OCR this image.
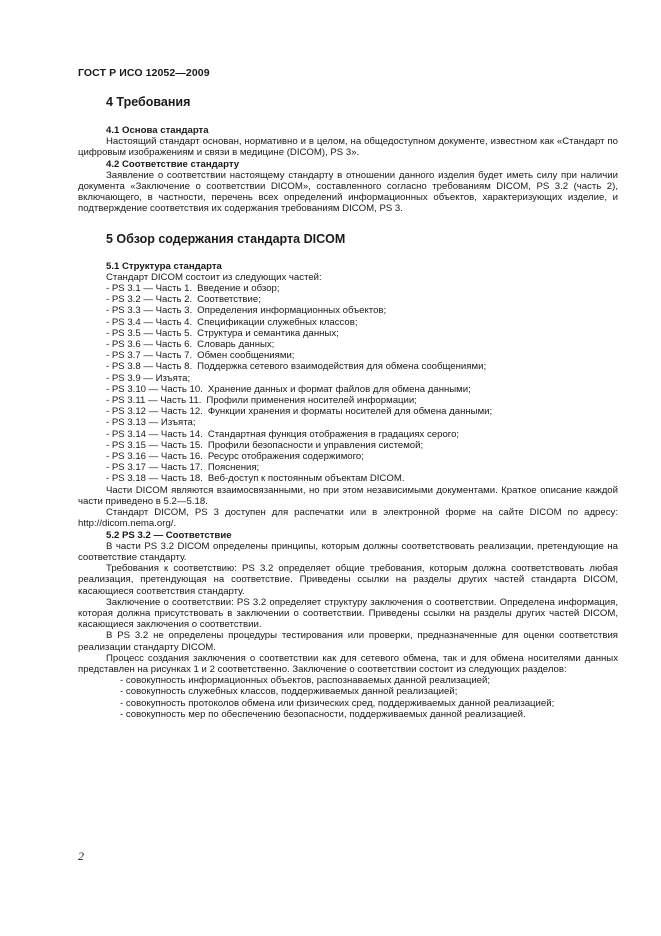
ГОСТ Р ИСО 12052—2009

4 Требования

4.1 Основа стандарта

Настоящий стандарт основан, нормативно и в целом, на общедоступном документе, известном как «Стандарт по цифровым изображениям и связи в медицине (DICOM), PS 3».

4.2 Соответствие стандарту

Заявление о соответствии настоящему стандарту в отношении данного изделия будет иметь силу при наличии документа «Заключение о соответствии DICOM», составленного согласно требованиям DICOM, PS 3.2 (часть 2), включающего, в частности, перечень всех определений информационных объектов, характеризующих изделие, и подтверждение соответствия их содержания требованиям DICOM, PS 3.

5 Обзор содержания стандарта DICOM

5.1 Структура стандарта

Стандарт DICOM состоит из следующих частей:

- PS 3.1 — Часть 1. Введение и обзор;
- PS 3.2 — Часть 2. Соответствие;
- PS 3.3 — Часть 3. Определения информационных объектов;
- PS 3.4 — Часть 4. Спецификации служебных классов;
- PS 3.5 — Часть 5. Структура и семантика данных;
- PS 3.6 — Часть 6. Словарь данных;
- PS 3.7 — Часть 7. Обмен сообщениями;
- PS 3.8 — Часть 8. Поддержка сетевого взаимодействия для обмена сообщениями;
- PS 3.9 — Изъята;
- PS 3.10 — Часть 10. Хранение данных и формат файлов для обмена данными;
- PS 3.11 — Часть 11. Профили применения носителей информации;
- PS 3.12 — Часть 12. Функции хранения и форматы носителей для обмена данными;
- PS 3.13 — Изъята;
- PS 3.14 — Часть 14. Стандартная функция отображения в градациях серого;
- PS 3.15 — Часть 15. Профили безопасности и управления системой;
- PS 3.16 — Часть 16. Ресурс отображения содержимого;
- PS 3.17 — Часть 17. Пояснения;
- PS 3.18 — Часть 18. Веб-доступ к постоянным объектам DICOM.

Части DICOM являются взаимосвязанными, но при этом независимыми документами. Краткое описание каждой части приведено в 5.2—5.18.

Стандарт DICOM, PS 3 доступен для распечатки или в электронной форме на сайте DICOM по адресу: http://dicom.nema.org/.

5.2 PS 3.2 — Соответствие

В части PS 3.2 DICOM определены принципы, которым должны соответствовать реализации, претендующие на соответствие стандарту.

Требования к соответствию: PS 3.2 определяет общие требования, которым должна соответствовать любая реализация, претендующая на соответствие. Приведены ссылки на разделы других частей стандарта DICOM, касающиеся соответствия стандарту.

Заключение о соответствии: PS 3.2 определяет структуру заключения о соответствии. Определена информация, которая должна присутствовать в заключении о соответствии. Приведены ссылки на разделы других частей DICOM, касающиеся заключения о соответствии.

В PS 3.2 не определены процедуры тестирования или проверки, предназначенные для оценки соответствия реализации стандарту DICOM.

Процесс создания заключения о соответствии как для сетевого обмена, так и для обмена носителями данных представлен на рисунках 1 и 2 соответственно. Заключение о соответствии состоит из следующих разделов:

- совокупность информационных объектов, распознаваемых данной реализацией;

- совокупность служебных классов, поддерживаемых данной реализацией;

- совокупность протоколов обмена или физических сред, поддерживаемых данной реализацией;

- совокупность мер по обеспечению безопасности, поддерживаемых данной реализацией.

2
